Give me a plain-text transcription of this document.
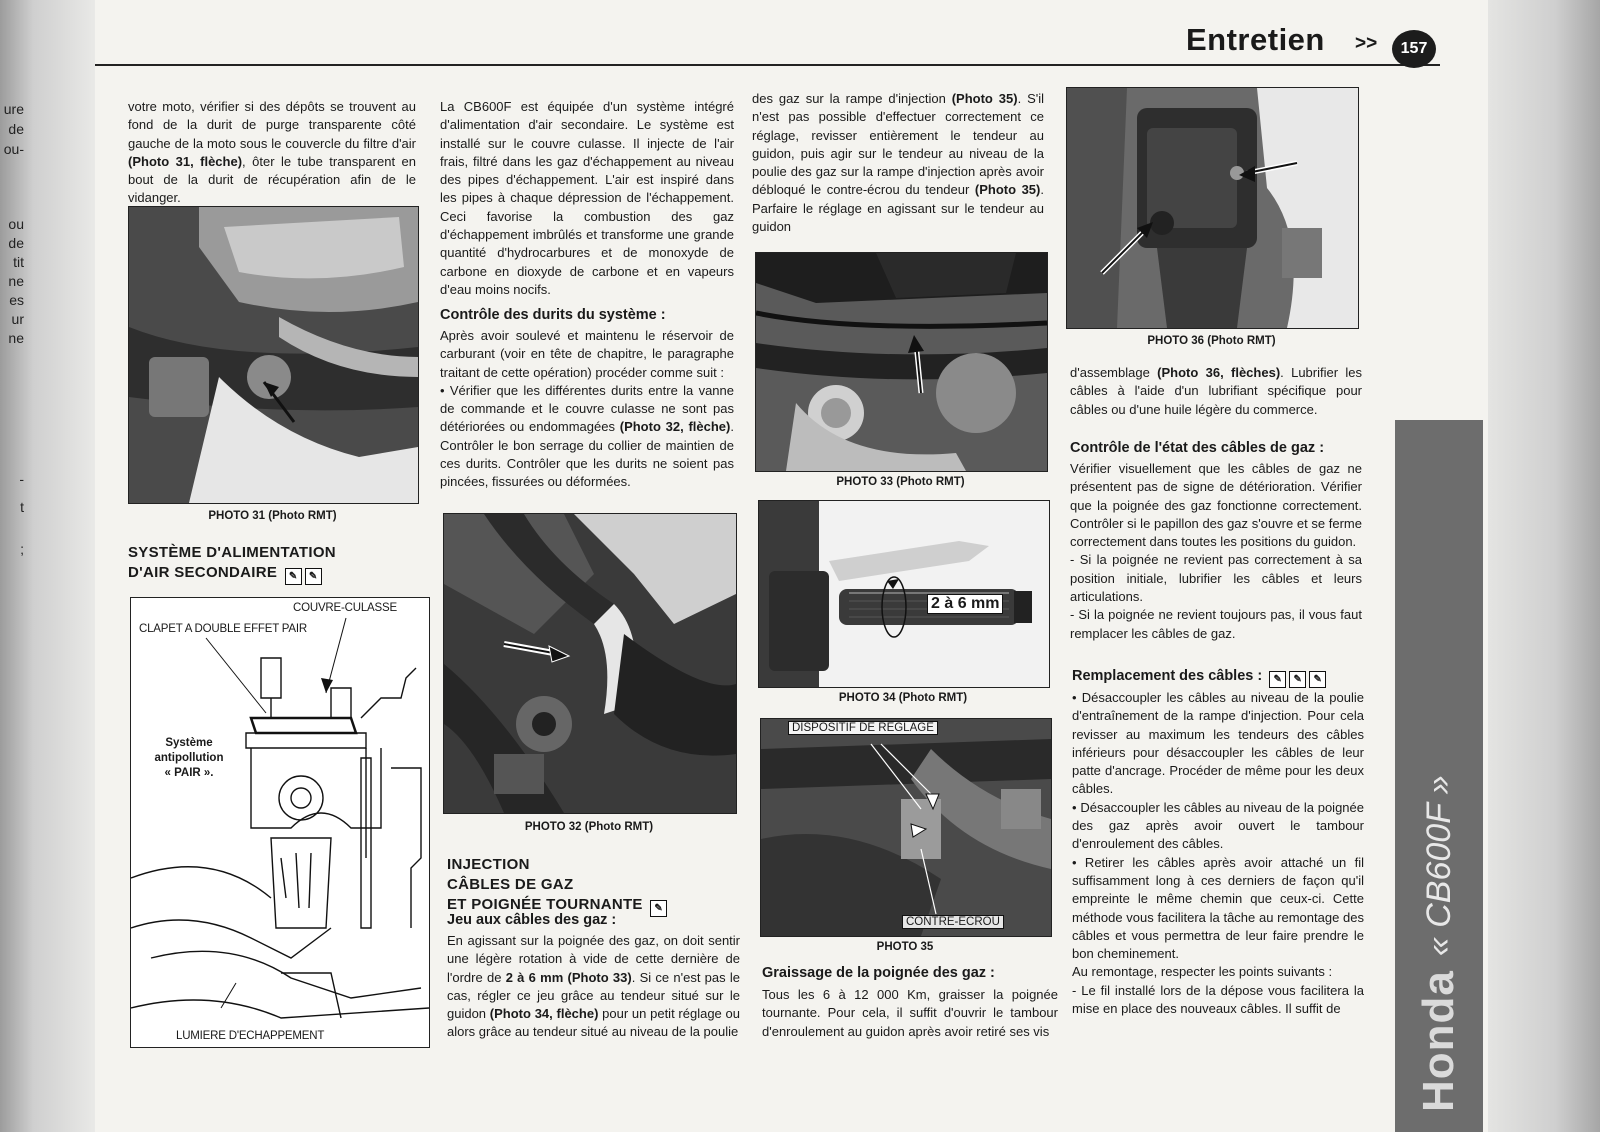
ure
de
ou-
ou
de
tit
ne
es
ur
ne
-
t
;
Entretien >>	157

votre moto, vérifier si des dépôts se trouvent au fond de la durit de purge transparente côté gauche de la moto sous le couvercle du filtre d'air (Photo 31, flèche), ôter le tube transparent en bout de la durit de récupération afin de le vidanger.

PHOTO 31 (Photo RMT)
SYSTÈME D'ALIMENTATION
D'AIR SECONDAIRE ✎ ✎
COUVRE-CULASSE
CLAPET A DOUBLE EFFET PAIR
Système
antipollution
« PAIR ».
LUMIERE D'ECHAPPEMENT

La CB600F est équipée d'un système intégré d'alimentation d'air secondaire. Le système est installé sur le couvre culasse. Il injecte de l'air frais, filtré dans les gaz d'échappement au niveau des pipes d'échappement. L'air est inspiré dans les pipes à chaque dépression de l'échappement. Ceci favorise la combustion des gaz d'échappement imbrûlés et transforme une grande quantité d'hydrocarbures et de monoxyde de carbone en dioxyde de carbone et en vapeurs d'eau moins nocifs.

Contrôle des durits du système :

Après avoir soulevé et maintenu le réservoir de carburant (voir en tête de chapitre, le paragraphe traitant de cette opération) procéder comme suit :
• Vérifier que les différentes durits entre la vanne de commande et le couvre culasse ne sont pas détériorées ou endommagées (Photo 32, flèche). Contrôler le bon serrage du collier de maintien de ces durits. Contrôler que les durits ne soient pas pincées, fissurées ou déformées.

PHOTO 32 (Photo RMT)
INJECTION
CÂBLES DE GAZ
ET POIGNÉE TOURNANTE ✎
Jeu aux câbles des gaz :

En agissant sur la poignée des gaz, on doit sentir une légère rotation à vide de cette dernière de l'ordre de 2 à 6 mm (Photo 33). Si ce n'est pas le cas, régler ce jeu grâce au tendeur situé sur le guidon (Photo 34, flèche) pour un petit réglage ou alors grâce au tendeur situé au niveau de la poulie

des gaz sur la rampe d'injection (Photo 35). S'il n'est pas possible d'effectuer correctement ce réglage, revisser entièrement le tendeur au guidon, puis agir sur le tendeur au niveau de la poulie des gaz sur la rampe d'injection après avoir débloqué le contre-écrou du tendeur (Photo 35). Parfaire le réglage en agissant sur le tendeur au guidon

PHOTO 33 (Photo RMT)
2 à 6 mm
PHOTO 34 (Photo RMT)
DISPOSITIF DE REGLAGE
CONTRE-ECROU
PHOTO 35
Graissage de la poignée des gaz :

Tous les 6 à 12 000 Km, graisser la poignée tournante. Pour cela, il suffit d'ouvrir le tambour d'enroulement au guidon après avoir retiré ses vis

PHOTO 36 (Photo RMT)

d'assemblage (Photo 36, flèches). Lubrifier les câbles à l'aide d'un lubrifiant spécifique pour câbles ou d'une huile légère du commerce.

Contrôle de l'état des câbles de gaz :

Vérifier visuellement que les câbles de gaz ne présentent pas de signe de détérioration. Vérifier que la poignée des gaz fonctionne correctement. Contrôler si le papillon des gaz s'ouvre et se ferme correctement dans toutes les positions du guidon.
- Si la poignée ne revient pas correctement à sa position initiale, lubrifier les câbles et leurs articulations.
- Si la poignée ne revient toujours pas, il vous faut remplacer les câbles de gaz.

Remplacement des câbles : ✎ ✎ ✎

• Désaccoupler les câbles au niveau de la poulie d'entraînement de la rampe d'injection. Pour cela revisser au maximum les tendeurs des câbles inférieurs pour désaccoupler les câbles de leur patte d'ancrage. Procéder de même pour les deux câbles.
• Désaccoupler les câbles au niveau de la poignée des gaz après avoir ouvert le tambour d'enroulement des câbles.
• Retirer les câbles après avoir attaché un fil suffisamment long à ces derniers de façon qu'il empreinte le même chemin que ceux-ci. Cette méthode vous facilitera la tâche au remontage des câbles et vous permettra de leur faire prendre le bon cheminement.
Au remontage, respecter les points suivants :
- Le fil installé lors de la dépose vous facilitera la mise en place des nouveaux câbles. Il suffit de	Honda
« CB600F »
